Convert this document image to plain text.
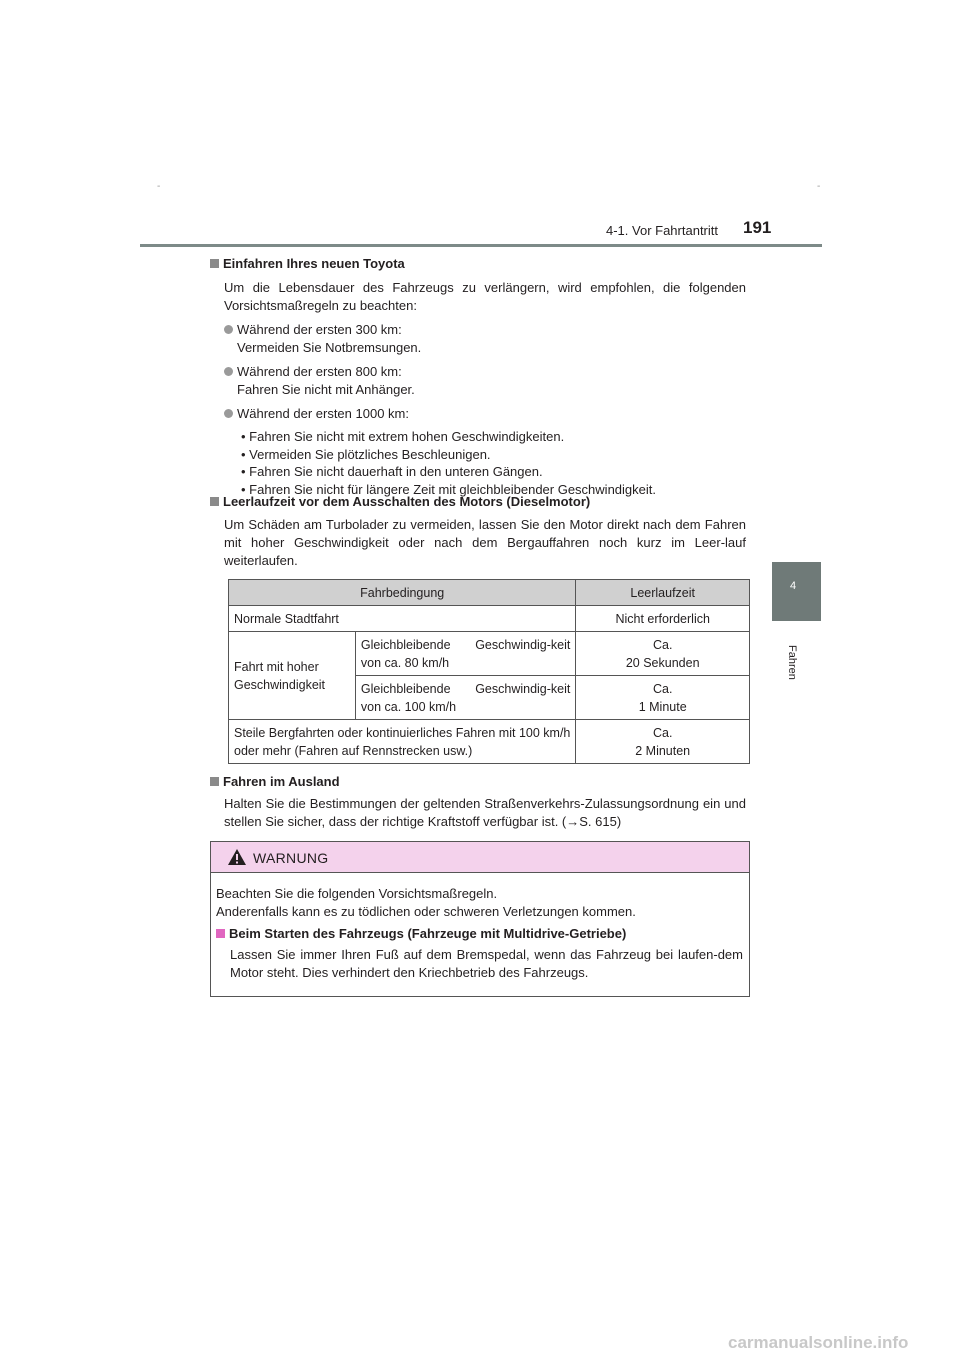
-	-
4-1. Vor Fahrtantritt 191
4
Fahren
Einfahren Ihres neuen Toyota
Um die Lebensdauer des Fahrzeugs zu verlängern, wird empfohlen, die folgenden Vorsichtsmaßregeln zu beachten:
Während der ersten 300 km:
Vermeiden Sie Notbremsungen.
Während der ersten 800 km:
Fahren Sie nicht mit Anhänger.
Während der ersten 1000 km:
• Fahren Sie nicht mit extrem hohen Geschwindigkeiten.
• Vermeiden Sie plötzliches Beschleunigen.
• Fahren Sie nicht dauerhaft in den unteren Gängen.
• Fahren Sie nicht für längere Zeit mit gleichbleibender Geschwindigkeit.
Leerlaufzeit vor dem Ausschalten des Motors (Dieselmotor)
Um Schäden am Turbolader zu vermeiden, lassen Sie den Motor direkt nach dem Fahren mit hoher Geschwindigkeit oder nach dem Bergauffahren noch kurz im Leer-lauf weiterlaufen.
Fahrbedingung		Leerlaufzeit
Normale Stadtfahrt		Nicht erforderlich
Fahrt mit hoher Geschwindigkeit	Gleichbleibende Geschwindig-keit von ca. 80 km/h	Ca.
20 Sekunden

	Gleichbleibende Geschwindig-keit von ca. 100 km/h	Ca.
1 Minute

Steile Bergfahrten oder kontinuierliches Fahren mit 100 km/h oder mehr (Fahren auf Rennstrecken usw.)		Ca.
2 Minuten
Fahren im Ausland
Halten Sie die Bestimmungen der geltenden Straßenverkehrs-Zulassungsordnung ein und stellen Sie sicher, dass der richtige Kraftstoff verfügbar ist. (→S. 615)
WARNUNG
Beachten Sie die folgenden Vorsichtsmaßregeln.
Anderenfalls kann es zu tödlichen oder schweren Verletzungen kommen.
Beim Starten des Fahrzeugs (Fahrzeuge mit Multidrive-Getriebe)
Lassen Sie immer Ihren Fuß auf dem Bremspedal, wenn das Fahrzeug bei laufen-dem Motor steht. Dies verhindert den Kriechbetrieb des Fahrzeugs.
carmanualsonline.info
